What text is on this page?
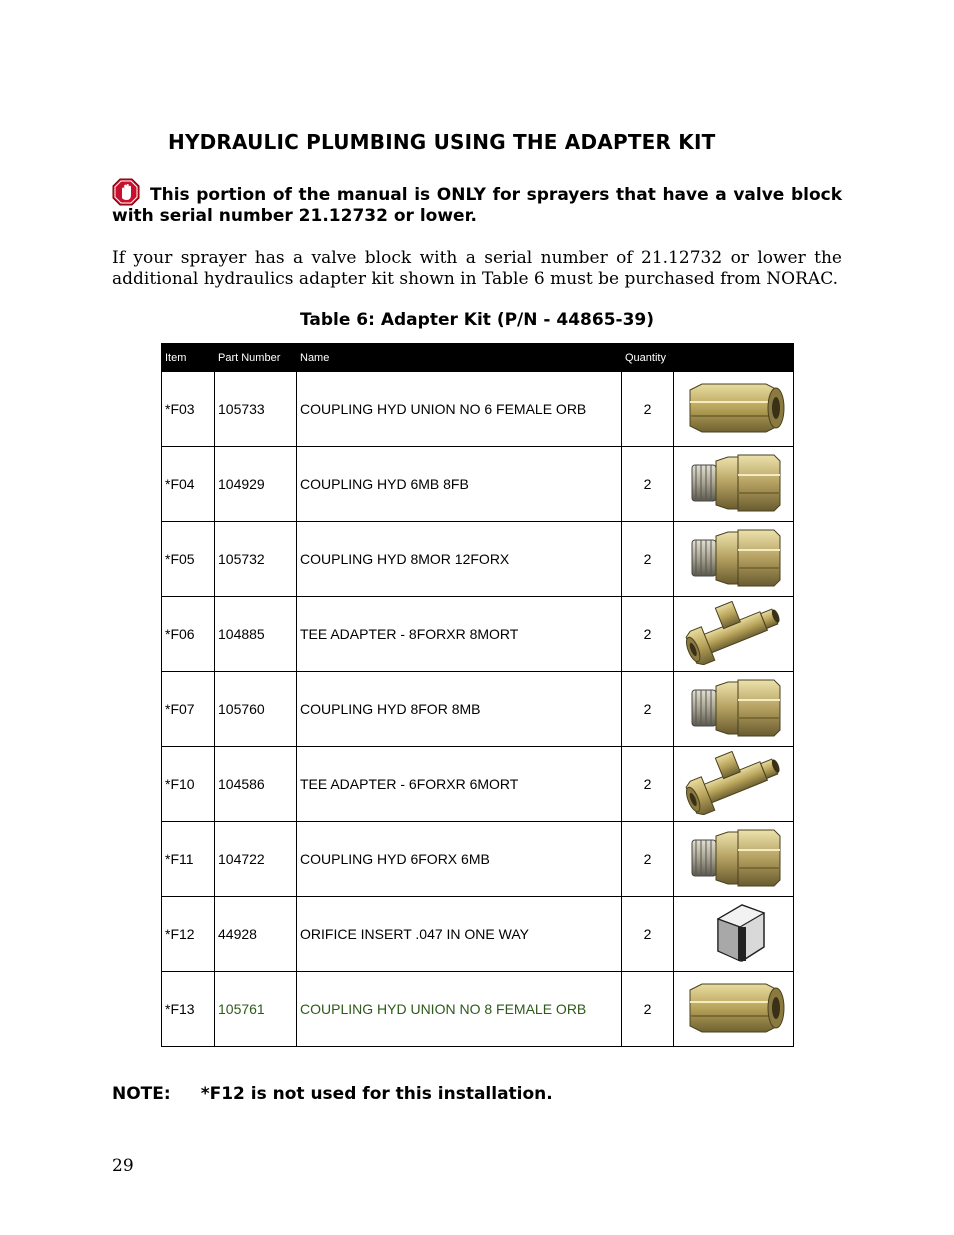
HYDRAULIC PLUMBING USING THE ADAPTER KIT
This portion of the manual is ONLY for sprayers that have a valve block with serial number 21.12732 or lower.
If your sprayer has a valve block with a serial number of 21.12732 or lower the additional hydraulics adapter kit shown in Table 6 must be purchased from NORAC.
Table 6: Adapter Kit (P/N - 44865-39)
Item	Part Number	Name	Quantity	
*F03	105733	COUPLING HYD UNION NO 6 FEMALE ORB	2	
*F04	104929	COUPLING HYD 6MB 8FB	2	
*F05	105732	COUPLING HYD 8MOR 12FORX	2	
*F06	104885	TEE ADAPTER - 8FORXR 8MORT	2	
*F07	105760	COUPLING HYD 8FOR 8MB	2	
*F10	104586	TEE ADAPTER - 6FORXR 6MORT	2	
*F11	104722	COUPLING HYD 6FORX 6MB	2	
*F12	44928	ORIFICE INSERT .047 IN ONE WAY	2	
*F13	105761	COUPLING HYD UNION NO 8 FEMALE ORB	2	
NOTE: *F12 is not used for this installation.
29
